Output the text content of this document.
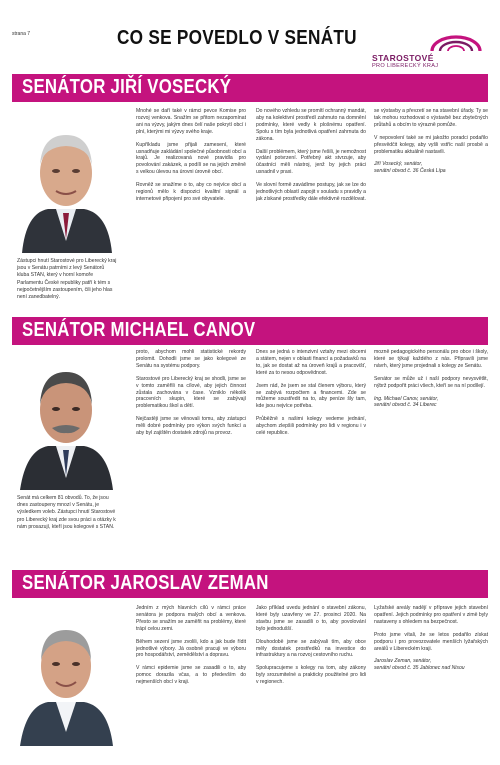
strana 7	CO SE POVEDLO V SENÁTU
STAROSTOVÉ
PRO LIBERECKÝ KRAJ
SENÁTOR JIŘÍ VOSECKÝ
Zástupci hnutí Starostové pro Liberecký kraj jsou v Senátu patrními z levý Senátorů kluba STAN, který v horní komoře Parlamentu České republiky patří k tém s nejpočetnějším zastoupením, čili jeho hlas není zanedbatelný.

Mnohé se daří také v rámci pevce Komise pro rozvoj venkova. Snažím se přitom nezapomínat ani na výzvy, jakým dnes čelí naše pokrytí obcí i plní, kterými mi výzvy svého kraje.

Kupříkladu jsme přijali zamesení, které usnadňuje zakládání společné působnosti obcí a krajů. Je realizovaná nové pravidla pro povolování zakázek, a podílí se na jejich změně s velkou úlevou na úrovni úrovně obcí.

Rovněž se snažíme o to, aby co nejvíce obcí a regionů mělo k dispozici kvalitní signál a internetové připojení pro své obyvatele.

Do nového vzhledu se promítl ochranný mandát, aby na kolektivní prostředí zahrnuto na domnění podmínky, které vedly k plošnému opatření. Spolu s tím byla jednotlivá opatření zahrnuta do zákona.

Další problémem, který jsme řešili, je nemožnost vydání potvrzení. Potřebný akt stvrzuje, aby účastníci měli nástroj, jenž by jejich práci usnadnil v praxi.

Ve slovní formě zavádíme postupy, jak se lze do jednotlivých oblastí zapojit v souladu s pravidly a jak získané prostředky dále efektivně rozdělovat.

se výstavby a převzetí se na stavební úřady. Ty se tak mohou rozhodovat o výstavbě bez zbytečných průtahů a obcím to výrazně pomůže.

V nepovolení také se mi jakožto poradci podařilo přesvědčit kolegy, aby vyšli vstříc naší prosbě a problematiku aktuálně nastavili.

Jiří Vosecký, senátor,
senátní obvod č. 36 Česká Lípa

SENÁTOR MICHAEL CANOV
Senát má celkem 81 obvodů. To, že jsou dnes zastoupeny mnozí v Senátu, je výsledkem voleb. Zástupci hnutí Starostové pro Liberecký kraj zde svou práci a otázky k nám prosazují, kteří jsou kolegové s STAN.

proto, abychom mohli statistické rekordy prolomit. Dohodli jsme se jako kolegové ze Senátu na systému podpory.

Starostové pro Liberecký kraj se shodli, jsme se v tomto zaměřili na cílové, aby jejich činnost zůstala zachována v čase. Vzniklo několik pracovních skupin, které se zabývají problematikou škol a dětí.

Nejčastěji jsme se věnovali tomu, aby zástupci měli dobré podmínky pro výkon svých funkcí a aby byl zajištěn dostatek zdrojů na provoz.

Dnes se jedná o intenzivní vztahy mezi obcemi a státem, nejen v oblasti financí a požadavků na to, jak se dostat až na úroveň krajů a pracovišť, které za to nesou odpovědnost.

Jsem rád, že jsem se stal členem výboru, který se zabývá rozpočtem a financemi. Zde se můžeme soustředit na to, aby peníze šly tam, kde jsou nejvíce potřeba.

Průběžně s našimi kolegy vedeme jednání, abychom zlepšili podmínky pro lidi v regionu i v celé republice.

mozně pedagogického personálu pro obce i školy, které se týkají každého z nás. Připravili jsme návrh, který jsme projednali s kolegy ze Senátu.

Senátor se může už i naší podpory nevysvětlit, nýbrž podpořit práci všech, kteří se na ní podílejí.

Ing. Michael Canov, senátor,
senátní obvod č. 34 Liberec

SENÁTOR JAROSLAV ZEMAN

Jedním z mých hlavních cílů v rámci práce senátora je podpora malých obcí a venkova. Přesto se snažím se zaměřit na problémy, které trápí celou zemi.

Během sezení jsme zvolili, kdo a jak bude řídit jednotlivé výbory. Já osobně pracuji ve výboru pro hospodářství, zemědělství a dopravu.

V rámci epidemie jsme se zasadili o to, aby pomoc dorazila včas, a to především do nejmenších obcí v kraji.

Jako příklad uvedu jednání o stavební zákonu, které byly uzavřeny ve 27. prosinci 2020. Na stavbu jsme se zasadili o to, aby povolování bylo jednodušší.

Dlouhodobě jsme se zabývali tím, aby obce měly dostatek prostředků na investice do infrastruktury a na rozvoj cestovního ruchu.

Spolupracujeme s kolegy na tom, aby zákony byly srozumitelné a prakticky použitelné pro lidi v regionech.

Lyžařské areály nadějí v příprave jejich stavební opatření. Jejich podmínky pro opatření v zimě byly nastaveny s ohledem na bezpečnost.

Proto jsme vítali, že se letos podařilo získat podporu i pro provozovatele menších lyžařských areálů v Libereckém kraji.

Jaroslav Zeman, senátor,
senátní obvod č. 35 Jablonec nad Nisou
